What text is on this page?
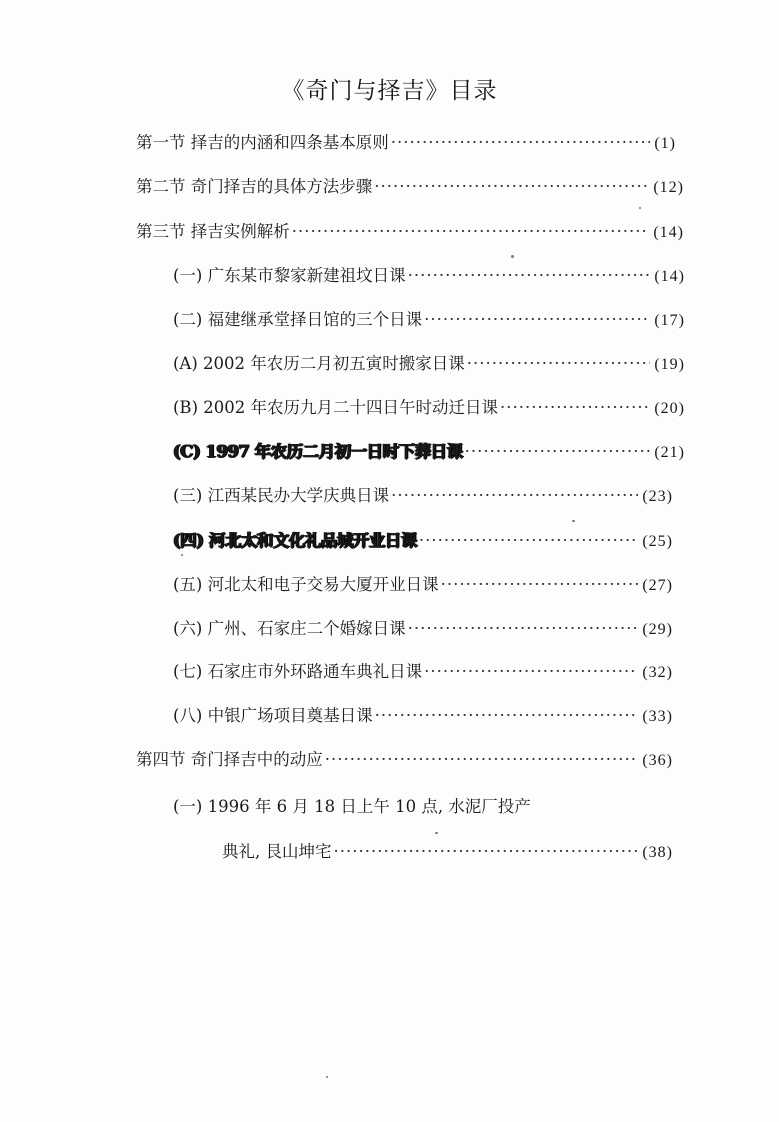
《奇门与择吉》目录
第一节 择吉的内涵和四条基本原则 ·····	(1)
第二节 奇门择吉的具体方法步骤 ·····	(12)
第三节 择吉实例解析 ·····	(14)
(一) 广东某市黎家新建祖坟日课 ·····	(14)
(二) 福建继承堂择日馆的三个日课 ·····	(17)
(A) 2002 年农历二月初五寅时搬家日课 ·····	(19)
(B) 2002 年农历九月二十四日午时动迁日课 ·····	(20)
(C) 1997 年农历二月初一日时下葬日课 ·····	(21)
(三) 江西某民办大学庆典日课 ·····	(23)
(四) 河北太和文化礼品城开业日课 ·····	(25)
(五) 河北太和电子交易大厦开业日课 ·····	(27)
(六) 广州、石家庄二个婚嫁日课 ·····	(29)
(七) 石家庄市外环路通车典礼日课 ·····	(32)
(八) 中银广场项目奠基日课 ·····	(33)
第四节 奇门择吉中的动应 ·····	(36)
(一) 1996 年 6 月 18 日上午 10 点, 水泥厂投产
典礼, 艮山坤宅 ·····	(38)
